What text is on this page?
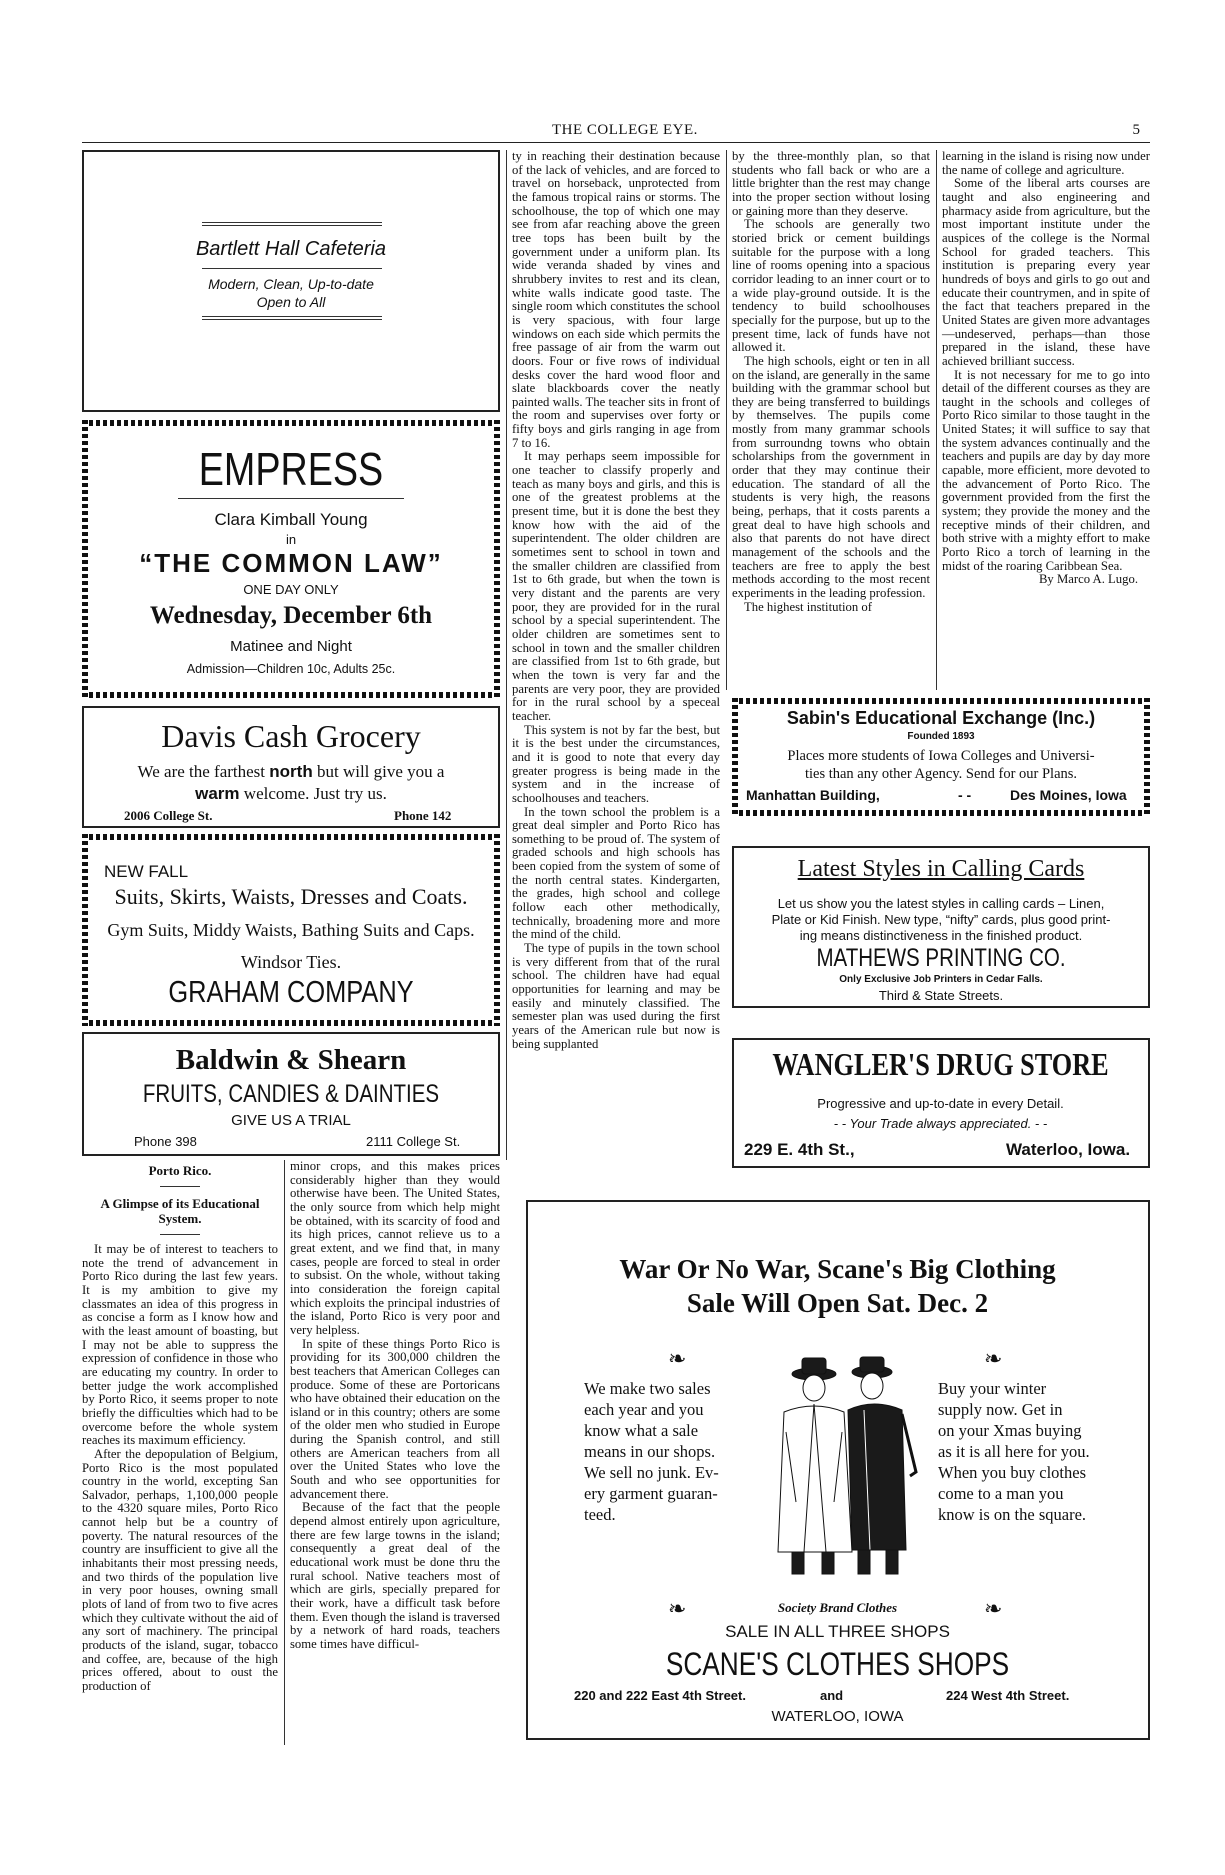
THE COLLEGE EYE.	5
Bartlett Hall Cafeteria
Modern, Clean, Up-to-date
Open to All
EMPRESS
Clara Kimball Young
in
“THE COMMON LAW”
ONE DAY ONLY
Wednesday, December 6th
Matinee and Night
Admission—Children 10c, Adults 25c.
Davis Cash Grocery
We are the farthest north but will give you a
warm welcome. Just try us.
2006 College St.	Phone 142
NEW FALL
Suits, Skirts, Waists, Dresses and Coats.
Gym Suits, Middy Waists, Bathing Suits and Caps.
Windsor Ties.
GRAHAM COMPANY
Baldwin & Shearn
FRUITS, CANDIES & DAINTIES
GIVE US A TRIAL
Phone 398	2111 College St.
Porto Rico.
A Glimpse of its Educational System.

It may be of interest to teachers to note the trend of advancement in Porto Rico during the last few years. It is my ambition to give my classmates an idea of this progress in as concise a form as I know how and with the least amount of boasting, but I may not be able to suppress the expression of confidence in those who are educating my country. In order to better judge the work accomplished by Porto Rico, it seems proper to note briefly the difficulties which had to be overcome before the whole system reaches its maximum efficiency.

After the depopulation of Belgium, Porto Rico is the most populated country in the world, excepting San Salvador, perhaps, 1,100,000 people to the 4320 square miles, Porto Rico cannot help but be a country of poverty. The natural resources of the country are insufficient to give all the inhabitants their most pressing needs, and two thirds of the population live in very poor houses, owning small plots of land of from two to five acres which they cultivate without the aid of any sort of machinery. The principal products of the island, sugar, tobacco and coffee, are, because of the high prices offered, about to oust the production of

minor crops, and this makes prices considerably higher than they would otherwise have been. The United States, the only source from which help might be obtained, with its scarcity of food and its high prices, cannot relieve us to a great extent, and we find that, in many cases, people are forced to steal in order to subsist. On the whole, without taking into consideration the foreign capital which exploits the principal industries of the island, Porto Rico is very poor and very helpless.

In spite of these things Porto Rico is providing for its 300,000 children the best teachers that American Colleges can produce. Some of these are Portoricans who have obtained their education on the island or in this country; others are some of the older men who studied in Europe during the Spanish control, and still others are American teachers from all over the United States who love the South and who see opportunities for advancement there.

Because of the fact that the people depend almost entirely upon agriculture, there are few large towns in the island; consequently a great deal of the educational work must be done thru the rural school. Native teachers most of which are girls, specially prepared for their work, have a difficult task before them. Even though the island is traversed by a network of hard roads, teachers some times have difficul-

ty in reaching their destination because of the lack of vehicles, and are forced to travel on horseback, unprotected from the famous tropical rains or storms. The schoolhouse, the top of which one may see from afar reaching above the green tree tops has been built by the government under a uniform plan. Its wide veranda shaded by vines and shrubbery invites to rest and its clean, white walls indicate good taste. The single room which constitutes the school is very spacious, with four large windows on each side which permits the free passage of air from the warm out doors. Four or five rows of individual desks cover the hard wood floor and slate blackboards cover the neatly painted walls. The teacher sits in front of the room and supervises over forty or fifty boys and girls ranging in age from 7 to 16.

It may perhaps seem impossible for one teacher to classify properly and teach as many boys and girls, and this is one of the greatest problems at the present time, but it is done the best they know how with the aid of the superintendent. The older children are sometimes sent to school in town and the smaller children are classified from 1st to 6th grade, but when the town is very distant and the parents are very poor, they are provided for in the rural school by a special superintendent. The older children are sometimes sent to school in town and the smaller children are classified from 1st to 6th grade, but when the town is very far and the parents are very poor, they are provided for in the rural school by a speceal teacher.

This system is not by far the best, but it is the best under the circumstances, and it is good to note that every day greater progress is being made in the system and in the increase of schoolhouses and teachers.

In the town school the problem is a great deal simpler and Porto Rico has something to be proud of. The system of graded schools and high schools has been copied from the system of some of the north central states. Kindergarten, the grades, high school and college follow each other methodically, technically, broadening more and more the mind of the child.

The type of pupils in the town school is very different from that of the rural school. The children have had equal opportunities for learning and may be easily and minutely classified. The semester plan was used during the first years of the American rule but now is being supplanted

by the three-monthly plan, so that students who fall back or who are a little brighter than the rest may change into the proper section without losing or gaining more than they deserve.

The schools are generally two storied brick or cement buildings suitable for the purpose with a long line of rooms opening into a spacious corridor leading to an inner court or to a wide play-ground outside. It is the tendency to build schoolhouses specially for the purpose, but up to the present time, lack of funds have not allowed it.

The high schools, eight or ten in all on the island, are generally in the same building with the grammar school but they are being transferred to buildings by themselves. The pupils come mostly from many grammar schools from surroundng towns who obtain scholarships from the government in order that they may continue their education. The standard of all the students is very high, the reasons being, perhaps, that it costs parents a great deal to have high schools and also that parents do not have direct management of the schools and the teachers are free to apply the best methods according to the most recent experiments in the leading profession.

The highest institution of

learning in the island is rising now under the name of college and agriculture.

Some of the liberal arts courses are taught and also engineering and pharmacy aside from agriculture, but the most important institute under the auspices of the college is the Normal School for graded teachers. This institution is preparing every year hundreds of boys and girls to go out and educate their countrymen, and in spite of the fact that teachers prepared in the United States are given more advantages—undeserved, perhaps—than those prepared in the island, these have achieved brilliant success.

It is not necessary for me to go into detail of the different courses as they are taught in the schools and colleges of Porto Rico similar to those taught in the United States; it will suffice to say that the system advances continually and the teachers and pupils are day by day more capable, more efficient, more devoted to the advancement of Porto Rico. The government provided from the first the system; they provide the money and the receptive minds of their children, and both strive with a mighty effort to make Porto Rico a torch of learning in the midst of the roaring Caribbean Sea.

By Marco A. Lugo.
Sabin's Educational Exchange (Inc.)
Founded 1893
Places more students of Iowa Colleges and Universi-
ties than any other Agency. Send for our Plans.
Manhattan Building,	- -	Des Moines, Iowa
Latest Styles in Calling Cards
Let us show you the latest styles in calling cards – Linen,
Plate or Kid Finish. New type, “nifty” cards, plus good print-
ing means distinctiveness in the finished product.
MATHEWS PRINTING CO.
Only Exclusive Job Printers in Cedar Falls.
Third & State Streets.
WANGLER'S DRUG STORE
Progressive and up-to-date in every Detail.
- - Your Trade always appreciated. - -
229 E. 4th St.,	Waterloo, Iowa.
War Or No War, Scane's Big Clothing
Sale Will Open Sat. Dec. 2
❧	❧
❧	❧
We make two sales
each year and you
know what a sale
means in our shops.
We sell no junk. Ev-
ery garment guaran-
teed.
Buy your winter
supply now. Get in
on your Xmas buying
as it is all here for you.
When you buy clothes
come to a man you
know is on the square.
Society Brand Clothes
SALE IN ALL THREE SHOPS
SCANE'S CLOTHES SHOPS
220 and 222 East 4th Street.	and	224 West 4th Street.
WATERLOO, IOWA
